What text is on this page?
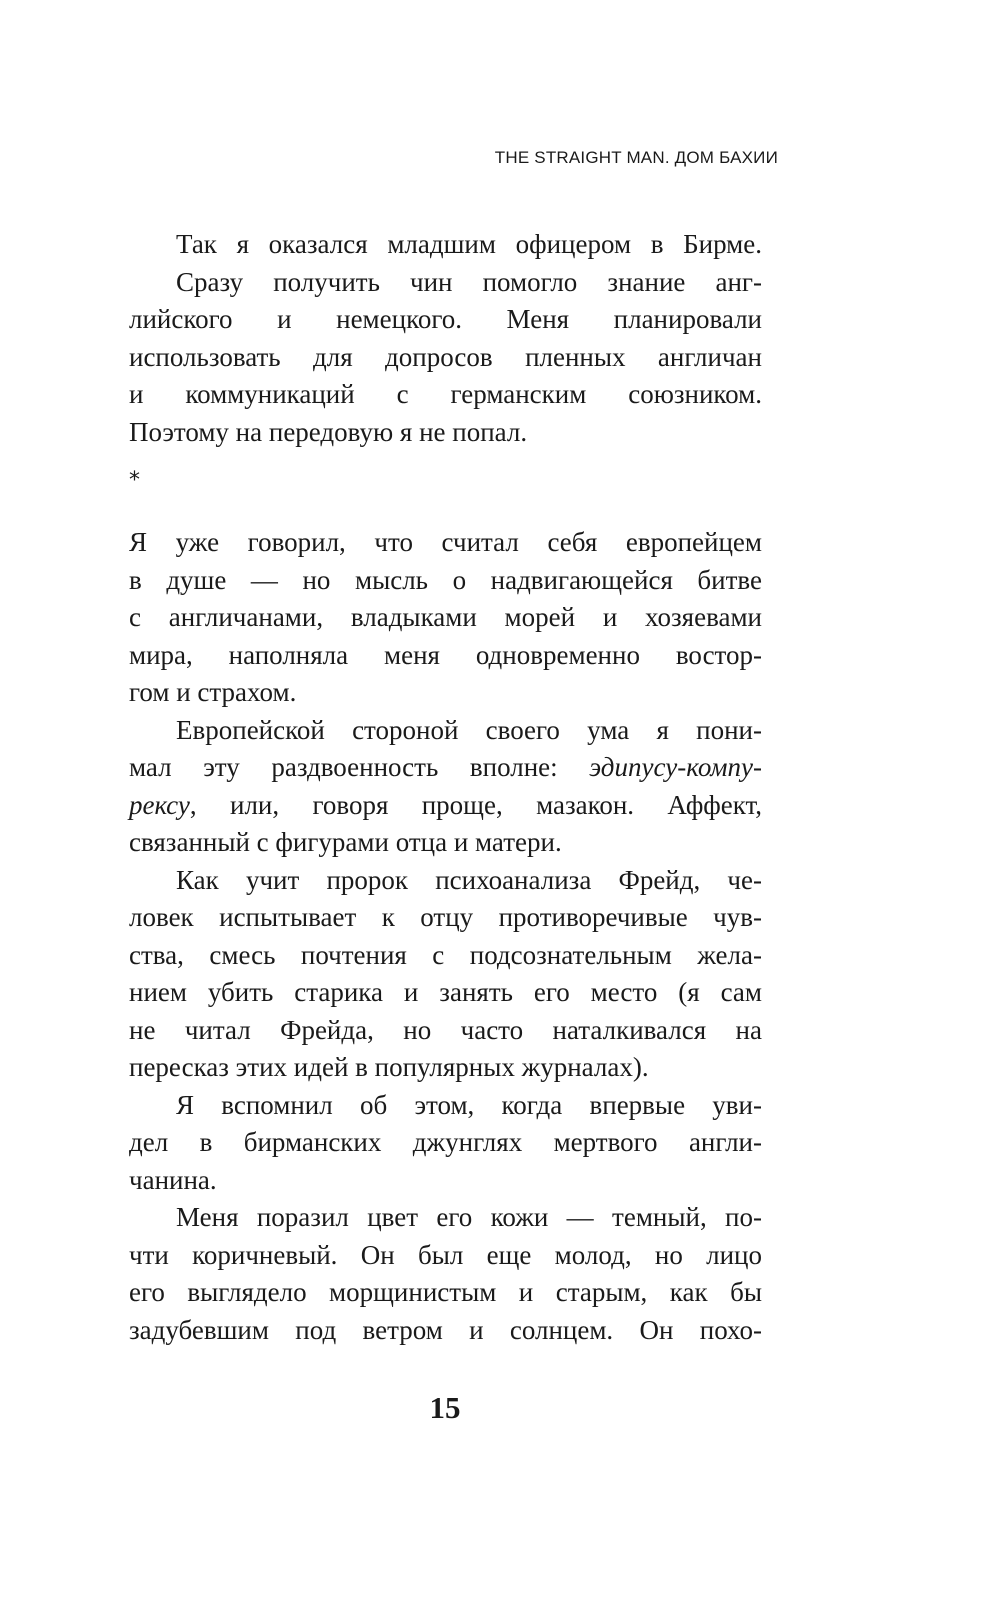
THE STRAIGHT MAN. ДОМ БАХИИ
Так я оказался младшим офицером в Бирме.
Сразу получить чин помогло знание анг-
лийского и немецкого. Меня планировали
использовать для допросов пленных англичан
и коммуникаций с германским союзником.
Поэтому на передовую я не попал.
*
Я уже говорил, что считал себя европейцем
в душе — но мысль о надвигающейся битве
с англичанами, владыками морей и хозяевами
мира, наполняла меня одновременно востор-
гом и страхом.
Европейской стороной своего ума я пони-
мал эту раздвоенность вполне: эдипусу-компу-
рексу, или, говоря проще, мазакон. Аффект,
связанный с фигурами отца и матери.
Как учит пророк психоанализа Фрейд, че-
ловек испытывает к отцу противоречивые чув-
ства, смесь почтения с подсознательным жела-
нием убить старика и занять его место (я сам
не читал Фрейда, но часто наталкивался на
пересказ этих идей в популярных журналах).
Я вспомнил об этом, когда впервые уви-
дел в бирманских джунглях мертвого англи-
чанина.
Меня поразил цвет его кожи — темный, по-
чти коричневый. Он был еще молод, но лицо
его выглядело морщинистым и старым, как бы
задубевшим под ветром и солнцем. Он похо-
15
